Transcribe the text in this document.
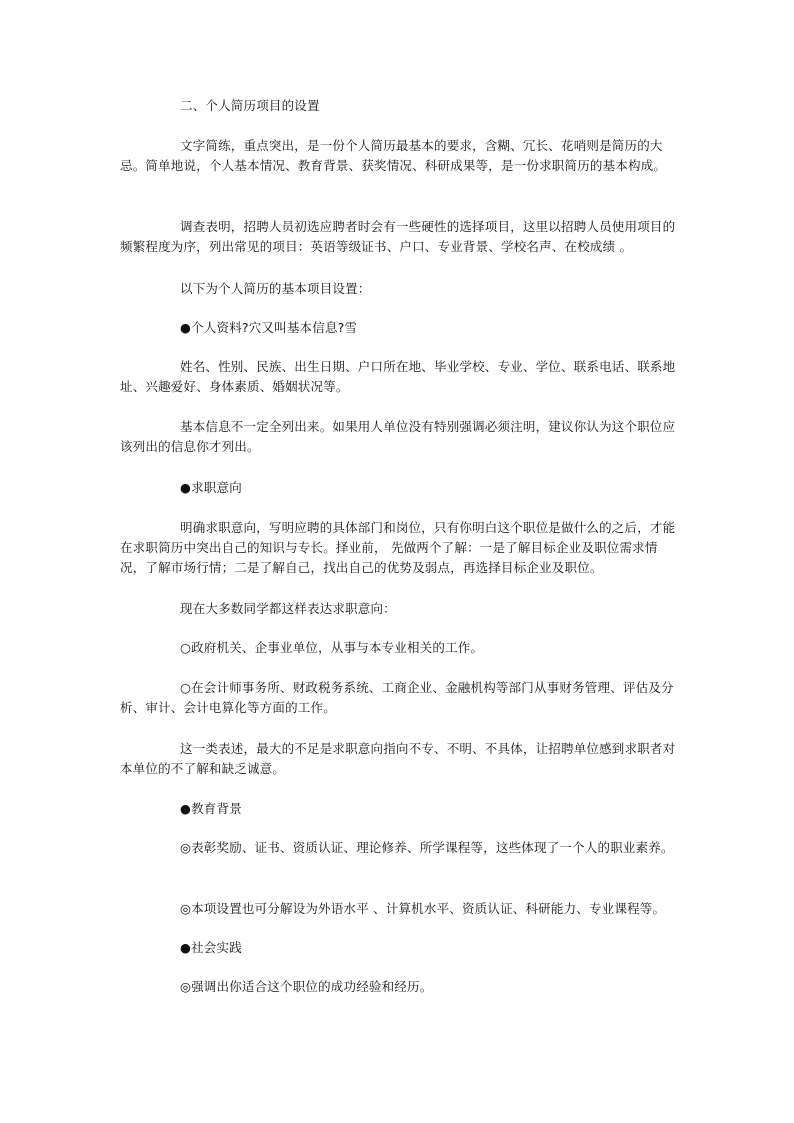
二、个人简历项目的设置
文字简练，重点突出，是一份个人简历最基本的要求，含糊、冗长、花哨则是简历的大忌。简单地说，个人基本情况、教育背景、获奖情况、科研成果等，是一份求职简历的基本构成。
调查表明，招聘人员初选应聘者时会有一些硬性的选择项目，这里以招聘人员使用项目的频繁程度为序，列出常见的项目：英语等级证书、户口、专业背景、学校名声、在校成绩 。
以下为个人简历的基本项目设置：
●个人资料?穴又叫基本信息?雪
姓名、性别、民族、出生日期、户口所在地、毕业学校、专业、学位、联系电话、联系地址、兴趣爱好、身体素质、婚姻状况等。
基本信息不一定全列出来。如果用人单位没有特别强调必须注明，建议你认为这个职位应该列出的信息你才列出。
●求职意向
明确求职意向，写明应聘的具体部门和岗位，只有你明白这个职位是做什么的之后，才能在求职简历中突出自己的知识与专长。择业前， 先做两个了解：一是了解目标企业及职位需求情况，了解市场行情；二是了解自己，找出自己的优势及弱点，再选择目标企业及职位。
现在大多数同学都这样表达求职意向：
○政府机关、企事业单位，从事与本专业相关的工作。
○在会计师事务所、财政税务系统、工商企业、金融机构等部门从事财务管理、评估及分析、审计、会计电算化等方面的工作。
这一类表述，最大的不足是求职意向指向不专、不明、不具体，让招聘单位感到求职者对本单位的不了解和缺乏诚意。
●教育背景
◎表彰奖励、证书、资质认证、理论修养、所学课程等，这些体现了一个人的职业素养。
◎本项设置也可分解设为外语水平 、计算机水平、资质认证、科研能力、专业课程等。
●社会实践
◎强调出你适合这个职位的成功经验和经历。
